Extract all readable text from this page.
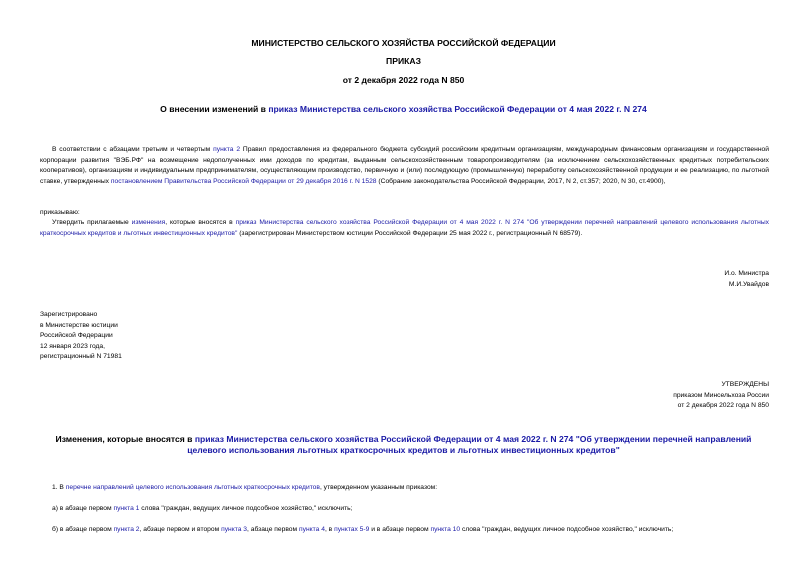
МИНИСТЕРСТВО СЕЛЬСКОГО ХОЗЯЙСТВА РОССИЙСКОЙ ФЕДЕРАЦИИ
ПРИКАЗ
от 2 декабря 2022 года N 850
О внесении изменений в приказ Министерства сельского хозяйства Российской Федерации от 4 мая 2022 г. N 274
В соответствии с абзацами третьим и четвертым пункта 2 Правил предоставления из федерального бюджета субсидий российским кредитным организациям, международным финансовым организациям и государственной корпорации развития "ВЭБ.РФ" на возмещение недополученных ими доходов по кредитам, выданным сельскохозяйственным товаропроизводителям (за исключением сельскохозяйственных кредитных потребительских кооперативов), организациям и индивидуальным предпринимателям, осуществляющим производство, первичную и (или) последующую (промышленную) переработку сельскохозяйственной продукции и ее реализацию, по льготной ставке, утвержденных постановлением Правительства Российской Федерации от 29 декабря 2016 г. N 1528 (Собрание законодательства Российской Федерации, 2017, N 2, ст.357; 2020, N 30, ст.4900),
приказываю:
Утвердить прилагаемые изменения, которые вносятся в приказ Министерства сельского хозяйства Российской Федерации от 4 мая 2022 г. N 274 "Об утверждении перечней направлений целевого использования льготных краткосрочных кредитов и льготных инвестиционных кредитов" (зарегистрирован Министерством юстиции Российской Федерации 25 мая 2022 г., регистрационный N 68579).
И.о. Министра
М.И.Увайдов
Зарегистрировано
в Министерстве юстиции
Российской Федерации
12 января 2023 года,
регистрационный N 71981
УТВЕРЖДЕНЫ
приказом Минсельхоза России
от 2 декабря 2022 года N 850
Изменения, которые вносятся в приказ Министерства сельского хозяйства Российской Федерации от 4 мая 2022 г. N 274 "Об утверждении перечней направлений целевого использования льготных краткосрочных кредитов и льготных инвестиционных кредитов"
1. В перечне направлений целевого использования льготных краткосрочных кредитов, утвержденном указанным приказом:
а) в абзаце первом пункта 1 слова "граждан, ведущих личное подсобное хозяйство," исключить;
б) в абзаце первом пункта 2, абзаце первом и втором пункта 3, абзаце первом пункта 4, в пунктах 5-9 и в абзаце первом пункта 10 слова "граждан, ведущих личное подсобное хозяйство," исключить;
